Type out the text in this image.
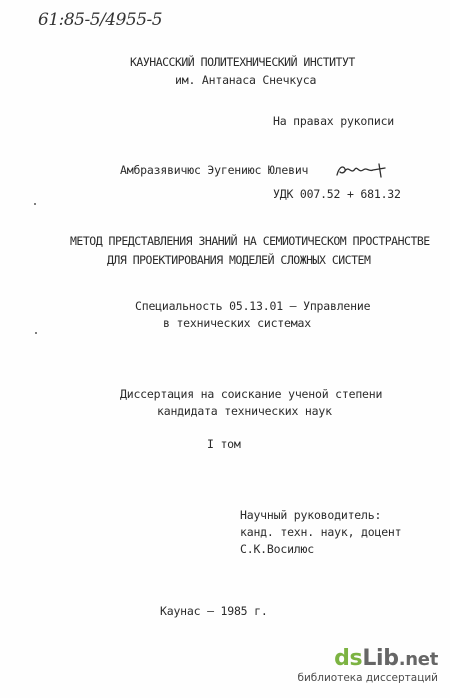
61:85-5/4955-5
КАУНАССКИЙ ПОЛИТЕХНИЧЕСКИЙ ИНСТИТУТ
им. Антанаса Снечкуса
На правах рукописи
Амбразявичюс Эугениюс Юлевич
УДК 007.52 + 681.32
МЕТОД ПРЕДСТАВЛЕНИЯ ЗНАНИЙ НА СЕМИОТИЧЕСКОМ ПРОСТРАНСТВЕ
ДЛЯ ПРОЕКТИРОВАНИЯ МОДЕЛЕЙ СЛОЖНЫХ СИСТЕМ
Специальность 05.13.01 – Управление
в технических системах
Диссертация на соискание ученой степени
кандидата технических наук
I том
Научный руководитель:
канд. техн. наук, доцент
С.К.Восилюс
Каунас – 1985 г.
dsLib.net
библиотека диссертаций
